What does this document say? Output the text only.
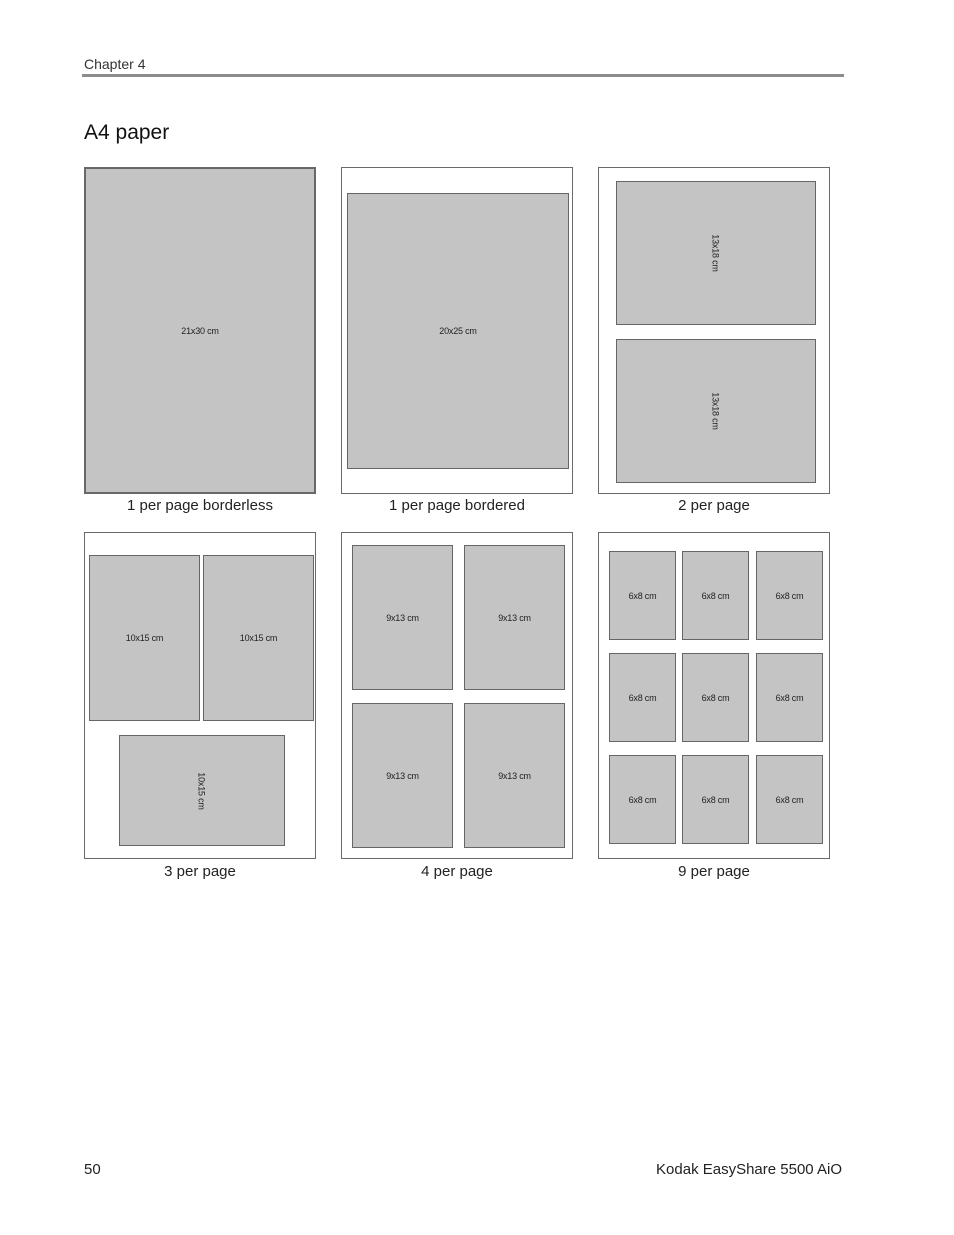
Chapter 4
A4 paper
21x30 cm
1 per page borderless
20x25 cm
1 per page bordered
13x18 cm
13x18 cm
2 per page
10x15 cm	10x15 cm
10x15 cm
3 per page
9x13 cm	9x13 cm
9x13 cm	9x13 cm
4 per page
6x8 cm	6x8 cm	6x8 cm
6x8 cm	6x8 cm	6x8 cm
6x8 cm	6x8 cm	6x8 cm
9 per page
50	Kodak EasyShare 5500 AiO
